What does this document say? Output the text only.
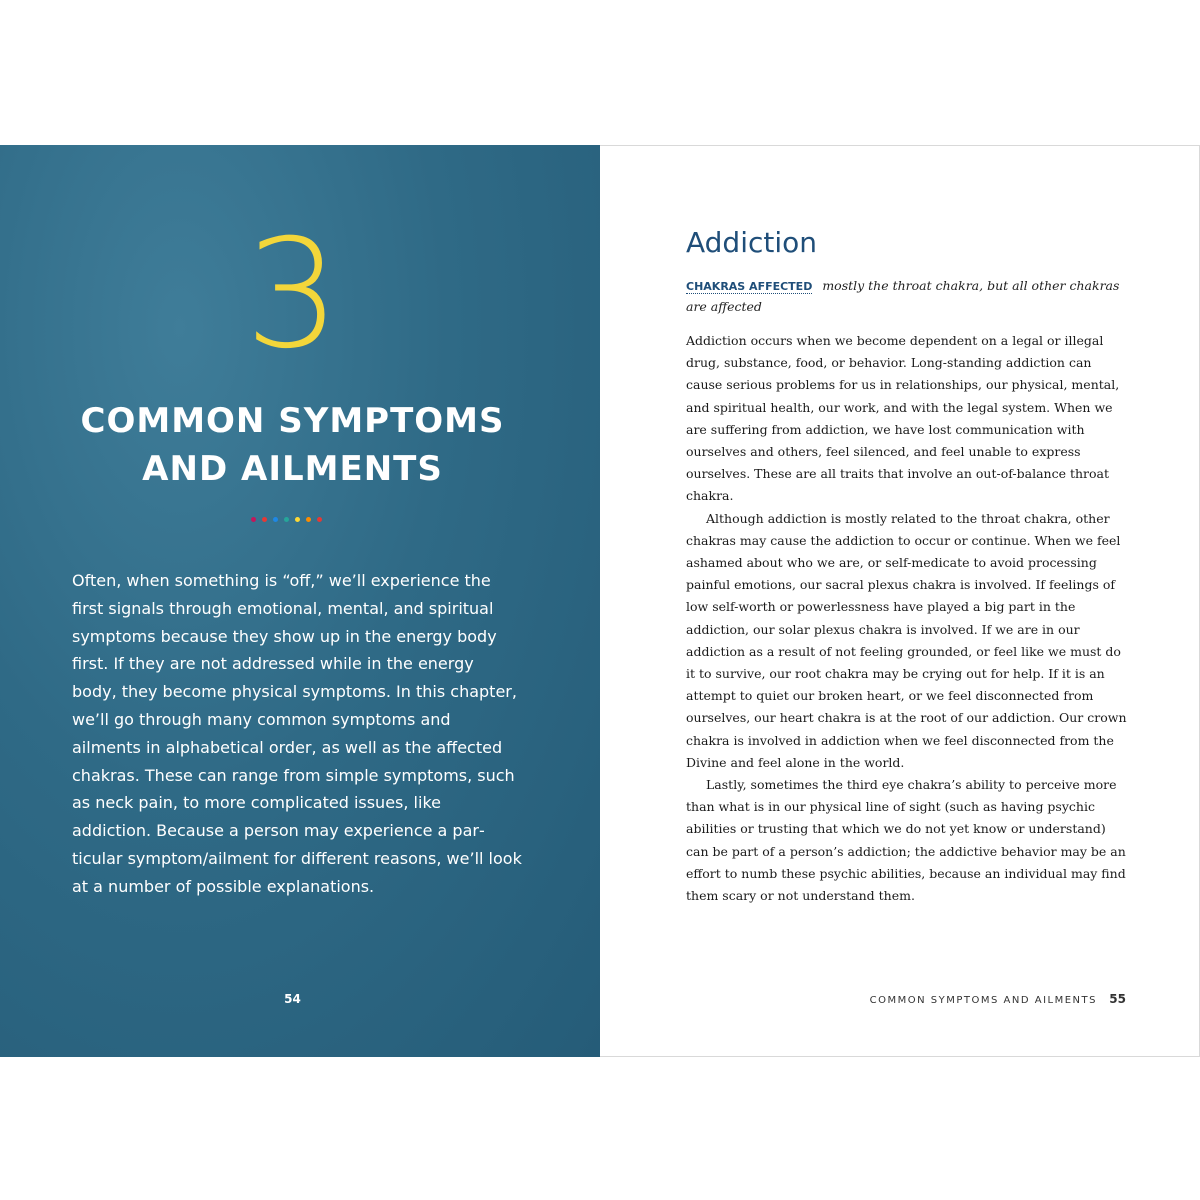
3
COMMON SYMPTOMS
AND AILMENTS
Often, when something is “off,” we’ll experience the first signals through emotional, mental, and spiritual symptoms because they show up in the energy body first. If they are not addressed while in the energy body, they become physical symptoms. In this chapter, we’ll go through many common symptoms and ailments in alphabetical order, as well as the affected chakras. These can range from simple symptoms, such as neck pain, to more complicated issues, like addiction. Because a person may experience a particular symptom/ailment for different reasons, we’ll look at a number of possible explanations.
54
Addiction
CHAKRAS AFFECTED mostly the throat chakra, but all other chakras are affected

Addiction occurs when we become dependent on a legal or illegal drug, substance, food, or behavior. Long-standing addiction can cause serious problems for us in relationships, our physical, mental, and spiritual health, our work, and with the legal system. When we are suffering from addiction, we have lost communication with ourselves and others, feel silenced, and feel unable to express ourselves. These are all traits that involve an out-of-balance throat chakra.

Although addiction is mostly related to the throat chakra, other chakras may cause the addiction to occur or continue. When we feel ashamed about who we are, or self-medicate to avoid processing painful emotions, our sacral plexus chakra is involved. If feelings of low self-worth or powerlessness have played a big part in the addiction, our solar plexus chakra is involved. If we are in our addiction as a result of not feeling grounded, or feel like we must do it to survive, our root chakra may be crying out for help. If it is an attempt to quiet our broken heart, or we feel disconnected from ourselves, our heart chakra is at the root of our addiction. Our crown chakra is involved in addiction when we feel disconnected from the Divine and feel alone in the world.

Lastly, sometimes the third eye chakra’s ability to perceive more than what is in our physical line of sight (such as having psychic abilities or trusting that which we do not yet know or understand) can be part of a person’s addiction; the addictive behavior may be an effort to numb these psychic abilities, because an individual may find them scary or not understand them.

COMMON SYMPTOMS AND AILMENTS 55
